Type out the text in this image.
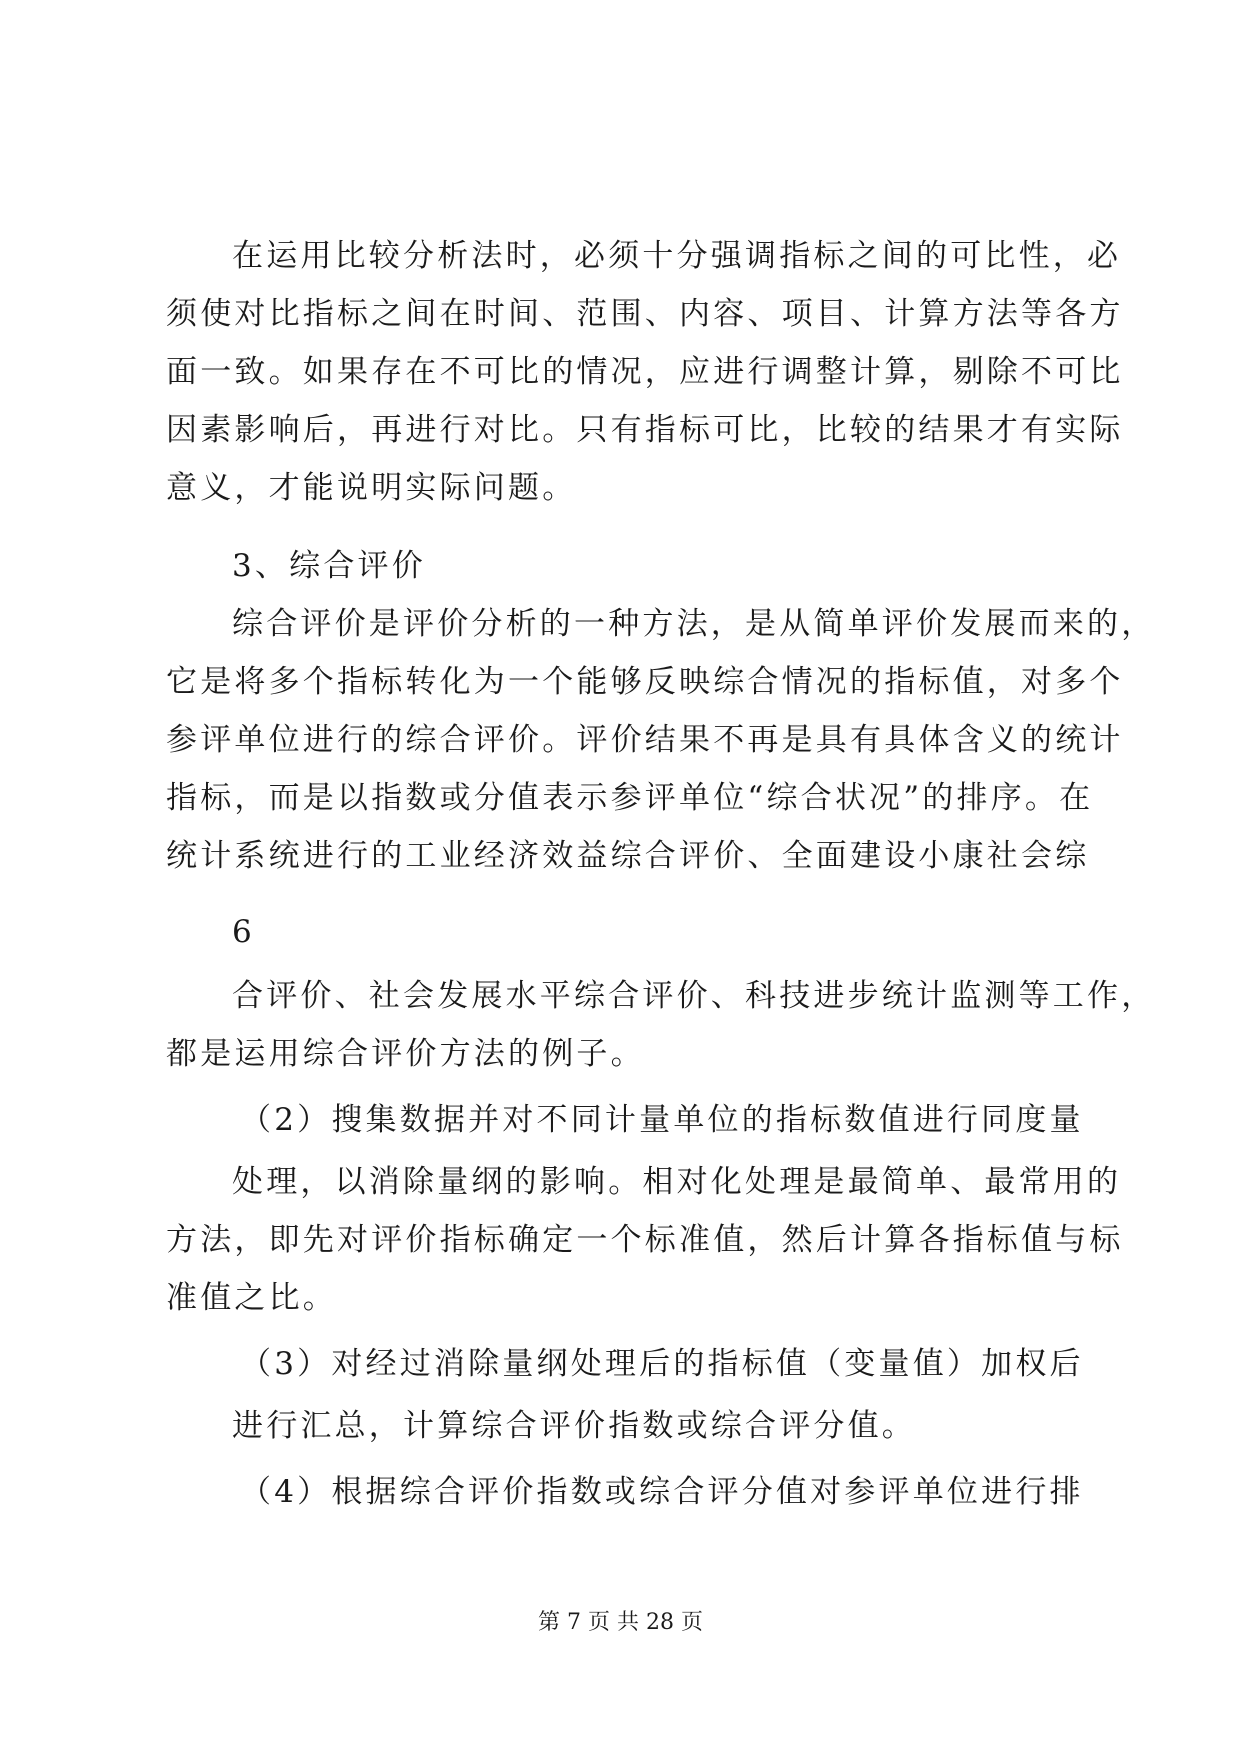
在运用比较分析法时，必须十分强调指标之间的可比性，必
须使对比指标之间在时间、范围、内容、项目、计算方法等各方
面一致。如果存在不可比的情况，应进行调整计算，剔除不可比
因素影响后，再进行对比。只有指标可比，比较的结果才有实际
意义，才能说明实际问题。
3、综合评价
综合评价是评价分析的一种方法，是从简单评价发展而来的，
它是将多个指标转化为一个能够反映综合情况的指标值，对多个
参评单位进行的综合评价。评价结果不再是具有具体含义的统计
指标，而是以指数或分值表示参评单位“综合状况”的排序。在
统计系统进行的工业经济效益综合评价、全面建设小康社会综
6
合评价、社会发展水平综合评价、科技进步统计监测等工作，
都是运用综合评价方法的例子。
（2）搜集数据并对不同计量单位的指标数值进行同度量
处理，以消除量纲的影响。相对化处理是最简单、最常用的
方法，即先对评价指标确定一个标准值，然后计算各指标值与标
准值之比。
（3）对经过消除量纲处理后的指标值（变量值）加权后
进行汇总，计算综合评价指数或综合评分值。
（4）根据综合评价指数或综合评分值对参评单位进行排
第 7 页 共 28 页
